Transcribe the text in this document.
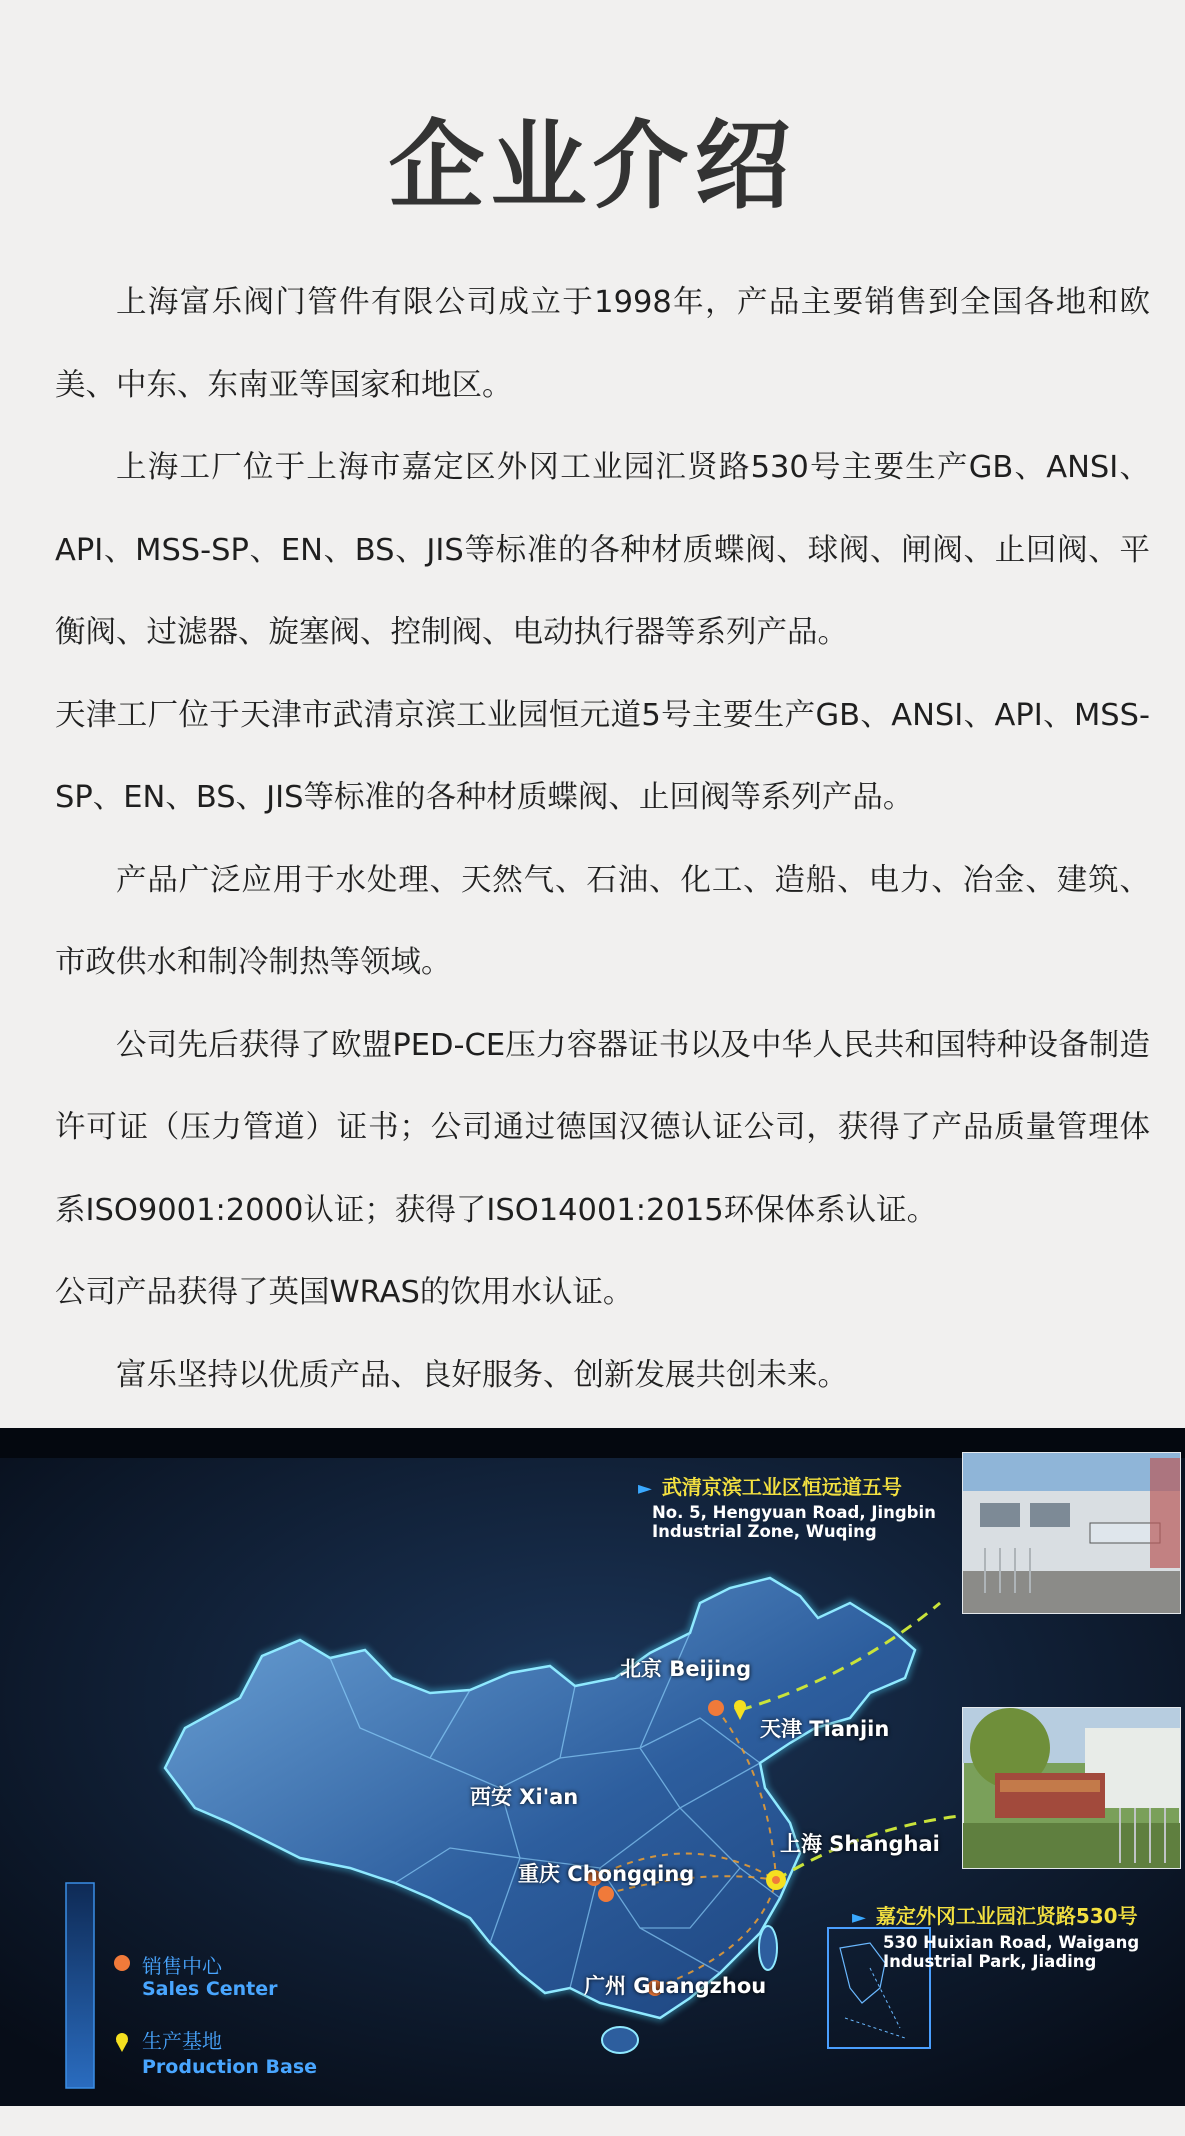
企业介绍

上海富乐阀门管件有限公司成立于1998年，产品主要销售到全国各地和欧美、中东、东南亚等国家和地区。

上海工厂位于上海市嘉定区外冈工业园汇贤路530号主要生产GB、ANSI、API、MSS-SP、EN、BS、JIS等标准的各种材质蝶阀、球阀、闸阀、止回阀、平衡阀、过滤器、旋塞阀、控制阀、电动执行器等系列产品。

天津工厂位于天津市武清京滨工业园恒元道5号主要生产GB、ANSI、API、MSS-SP、EN、BS、JIS等标准的各种材质蝶阀、止回阀等系列产品。

产品广泛应用于水处理、天然气、石油、化工、造船、电力、冶金、建筑、市政供水和制冷制热等领域。

公司先后获得了欧盟PED-CE压力容器证书以及中华人民共和国特种设备制造许可证（压力管道）证书；公司通过德国汉德认证公司，获得了产品质量管理体系ISO9001:2000认证；获得了ISO14001:2015环保体系认证。

公司产品获得了英国WRAS的饮用水认证。

富乐坚持以优质产品、良好服务、创新发展共创未来。

► 武清京滨工业区恒远道五号
No. 5, Hengyuan Road, Jingbin Industrial Zone, Wuqing
► 嘉定外冈工业园汇贤路530号
530 Huixian Road, Waigang Industrial Park, Jiading
北京 Beijing
天津 Tianjin
西安 Xi'an
上海 Shanghai
重庆 Chongqing
广州 Guangzhou
销售中心
Sales Center
生产基地
Production Base
